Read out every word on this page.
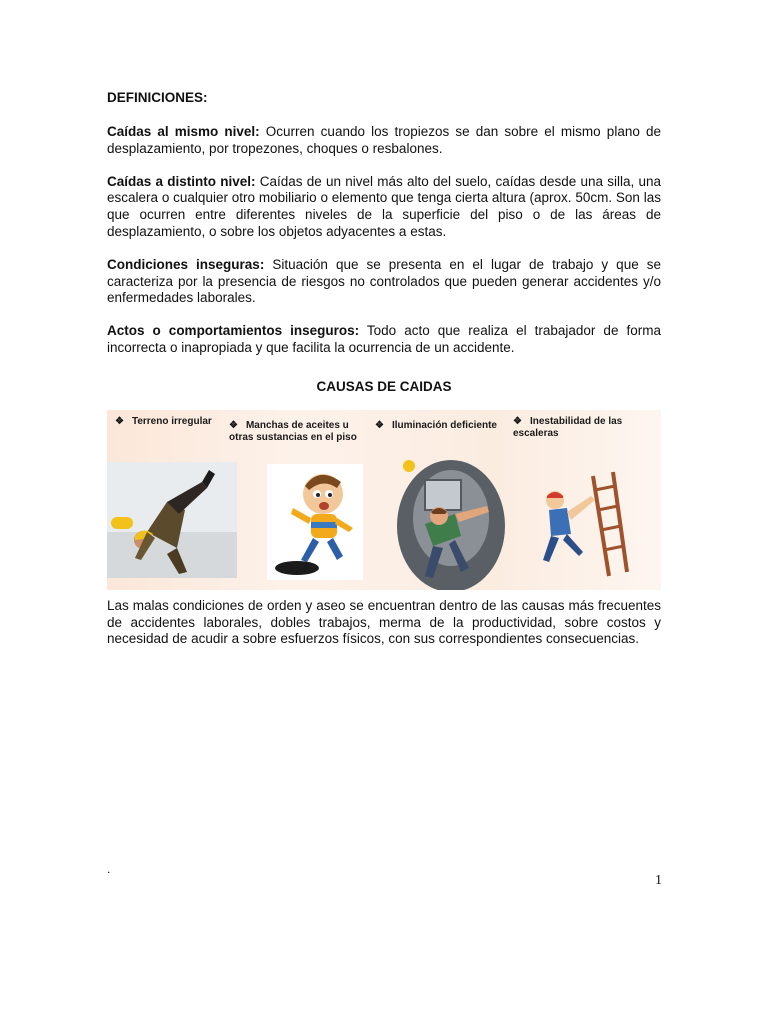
DEFINICIONES:

Caídas al mismo nivel: Ocurren cuando los tropiezos se dan sobre el mismo plano de desplazamiento, por tropezones, choques o resbalones.

Caídas a distinto nivel: Caídas de un nivel más alto del suelo, caídas desde una silla, una escalera o cualquier otro mobiliario o elemento que tenga cierta altura (aprox. 50cm. Son las que ocurren entre diferentes niveles de la superficie del piso o de las áreas de desplazamiento, o sobre los objetos adyacentes a estas.

Condiciones inseguras: Situación que se presenta en el lugar de trabajo y que se caracteriza por la presencia de riesgos no controlados que pueden generar accidentes y/o enfermedades laborales.

Actos o comportamientos inseguros: Todo acto que realiza el trabajador de forma incorrecta o inapropiada y que facilita la ocurrencia de un accidente.

CAUSAS DE CAIDAS
❖ Terreno irregular ❖ Manchas de aceites u otras sustancias en el piso
❖ Iluminación deficiente ❖ Inestabilidad de las escaleras

Las malas condiciones de orden y aseo se encuentran dentro de las causas más frecuentes de accidentes laborales, dobles trabajos, merma de la productividad, sobre costos y necesidad de acudir a sobre esfuerzos físicos, con sus correspondientes consecuencias.

.
1
